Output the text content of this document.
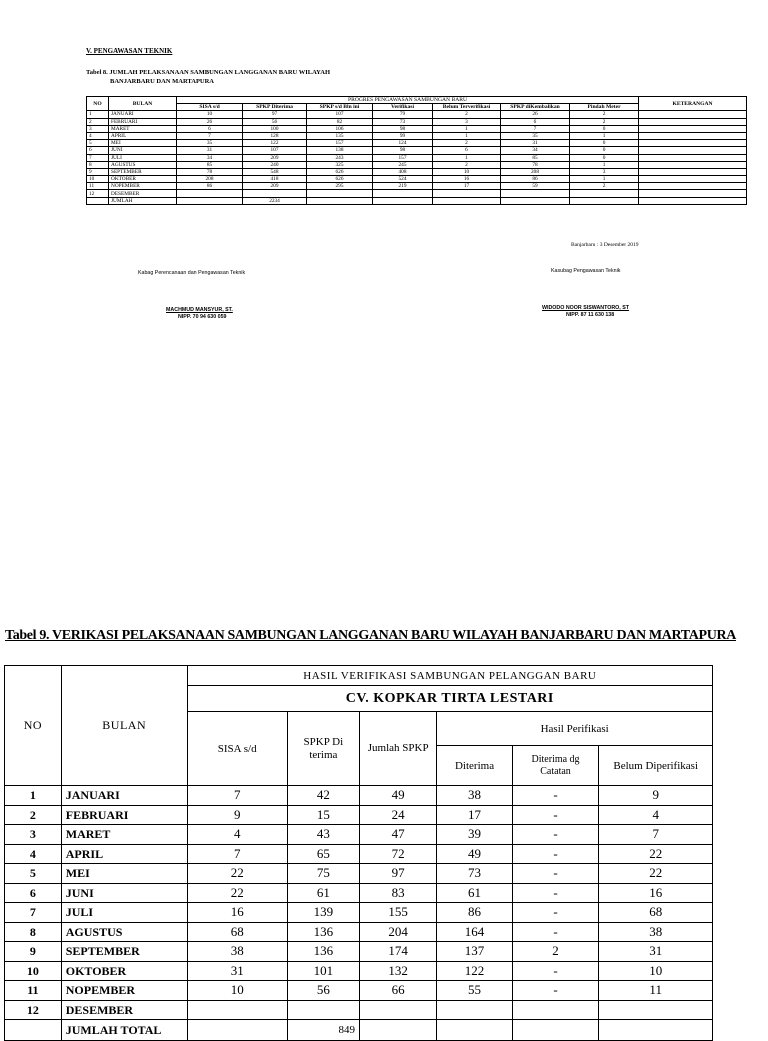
V. PENGAWASAN TEKNIK
Tabel 8. JUMLAH PELAKSANAAN SAMBUNGAN LANGGANAN BARU WILAYAH
BANJARBARU DAN MARTAPURA
NO	BULAN	PROGRES PENGAWASAN SAMBUNGAN BARU							KETERANGAN
		SISA s/d	SPKP Diterima	SPKP s/d Bln ini	Verifikasi	Belum Terverifikasi	SPKP diKembalikan	Pindah Meter	
1	JANUARI	10	97	107	79	2	26	2	
2	FEBRUARI	26	56	82	73	3	6	2	
3	MARET	6	100	106	98	1	7	0	
4	APRIL	7	128	135	99	1	35	1	
5	MEI	35	122	157	124	2	31	0	
6	JUNI	31	107	138	98	6	34	0	
7	JULI	34	209	243	157	1	85	0	
8	AGUSTUS	85	240	325	245	2	78	1	
9	SEPTEMBER	78	548	626	408	10	208	3	
10	OKTOBER	208	418	626	524	16	86	1	
11	NOPEMBER	86	209	295	219	17	59	2	
12	DESEMBER								
	JUMLAH		2234						
Banjarbaru : 3 Desember 2019
Kabag Perencanaan dan Pengawasan Teknik	Kasubag Pengawasan Teknik
MACHMUD MANSYUR, ST.
NIPP. 70 94 630 059
WIDODO NOOR SISWANTORO, ST
NIPP. 87 11 630 138
Tabel 9. VERIKASI PELAKSANAAN SAMBUNGAN LANGGANAN BARU WILAYAH BANJARBARU DAN MARTAPURA
NO	BULAN	HASIL VERIFIKASI SAMBUNGAN PELANGGAN BARU					
		CV. KOPKAR TIRTA LESTARI					
		SISA s/d	SPKP Di terima	Jumlah SPKP	Hasil Perifikasi		
					Diterima	Diterima dg Catatan	Belum Diperifikasi
1	JANUARI	7	42	49	38	-	9
2	FEBRUARI	9	15	24	17	-	4
3	MARET	4	43	47	39	-	7
4	APRIL	7	65	72	49	-	22
5	MEI	22	75	97	73	-	22
6	JUNI	22	61	83	61	-	16
7	JULI	16	139	155	86	-	68
8	AGUSTUS	68	136	204	164	-	38
9	SEPTEMBER	38	136	174	137	2	31
10	OKTOBER	31	101	132	122	-	10
11	NOPEMBER	10	56	66	55	-	11
12	DESEMBER						
	JUMLAH TOTAL		849				
